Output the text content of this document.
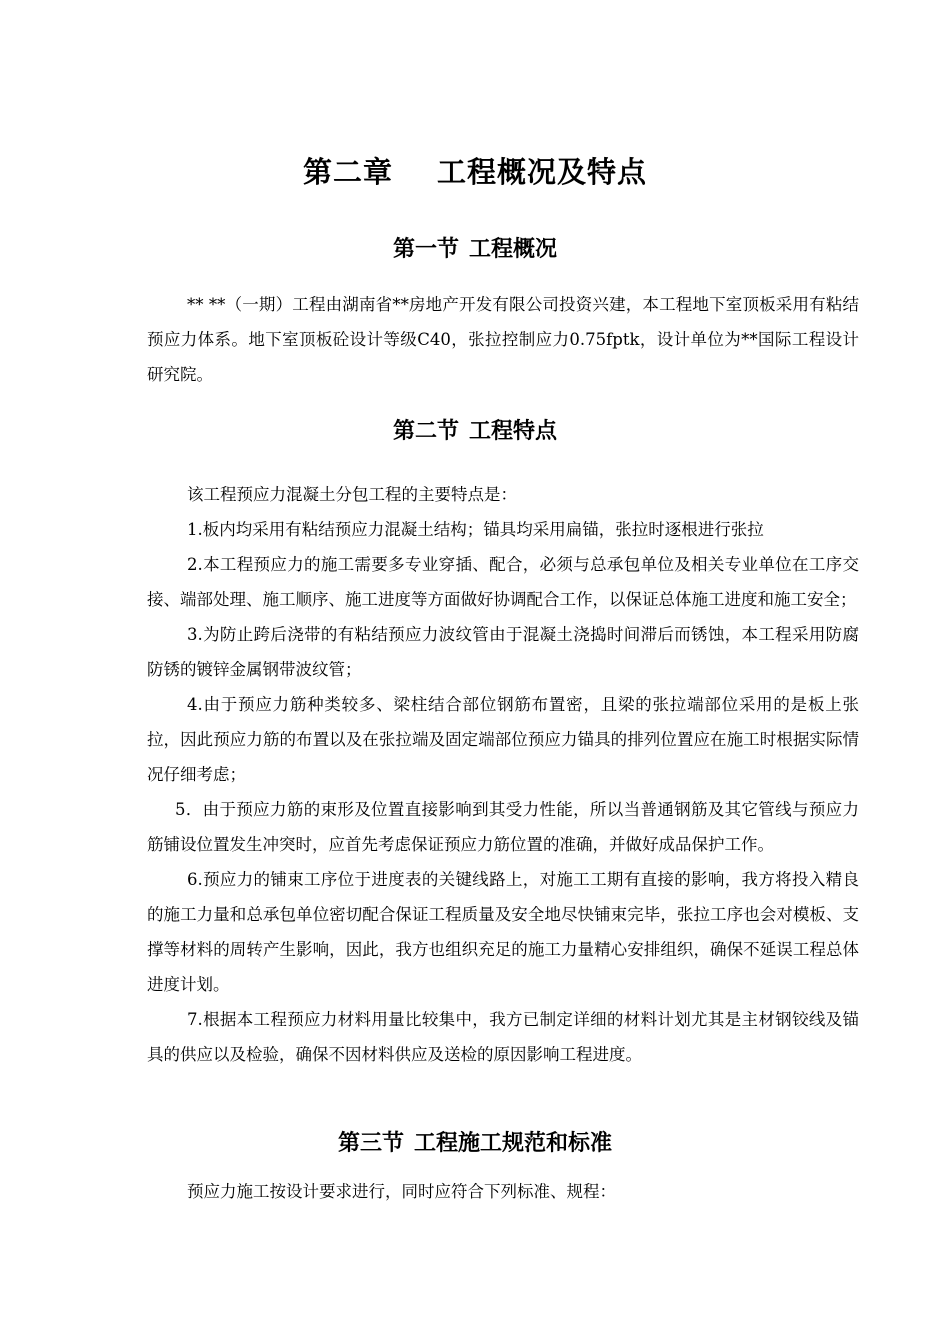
第二章 工程概况及特点
第一节 工程概况

** **（一期）工程由湖南省**房地产开发有限公司投资兴建，本工程地下室顶板采用有粘结预应力体系。地下室顶板砼设计等级C40，张拉控制应力0.75fptk，设计单位为**国际工程设计研究院。

第二节 工程特点

该工程预应力混凝土分包工程的主要特点是：

1.板内均采用有粘结预应力混凝土结构；锚具均采用扁锚，张拉时逐根进行张拉

2.本工程预应力的施工需要多专业穿插、配合，必须与总承包单位及相关专业单位在工序交接、端部处理、施工顺序、施工进度等方面做好协调配合工作，以保证总体施工进度和施工安全；

3.为防止跨后浇带的有粘结预应力波纹管由于混凝土浇捣时间滞后而锈蚀，本工程采用防腐防锈的镀锌金属钢带波纹管；

4.由于预应力筋种类较多、梁柱结合部位钢筋布置密，且梁的张拉端部位采用的是板上张拉，因此预应力筋的布置以及在张拉端及固定端部位预应力锚具的排列位置应在施工时根据实际情况仔细考虑；

5．由于预应力筋的束形及位置直接影响到其受力性能，所以当普通钢筋及其它管线与预应力筋铺设位置发生冲突时，应首先考虑保证预应力筋位置的准确，并做好成品保护工作。

6.预应力的铺束工序位于进度表的关键线路上，对施工工期有直接的影响，我方将投入精良的施工力量和总承包单位密切配合保证工程质量及安全地尽快铺束完毕，张拉工序也会对模板、支撑等材料的周转产生影响，因此，我方也组织充足的施工力量精心安排组织，确保不延误工程总体进度计划。

7.根据本工程预应力材料用量比较集中，我方已制定详细的材料计划尤其是主材钢铰线及锚具的供应以及检验，确保不因材料供应及送检的原因影响工程进度。

第三节 工程施工规范和标准

预应力施工按设计要求进行，同时应符合下列标准、规程：
